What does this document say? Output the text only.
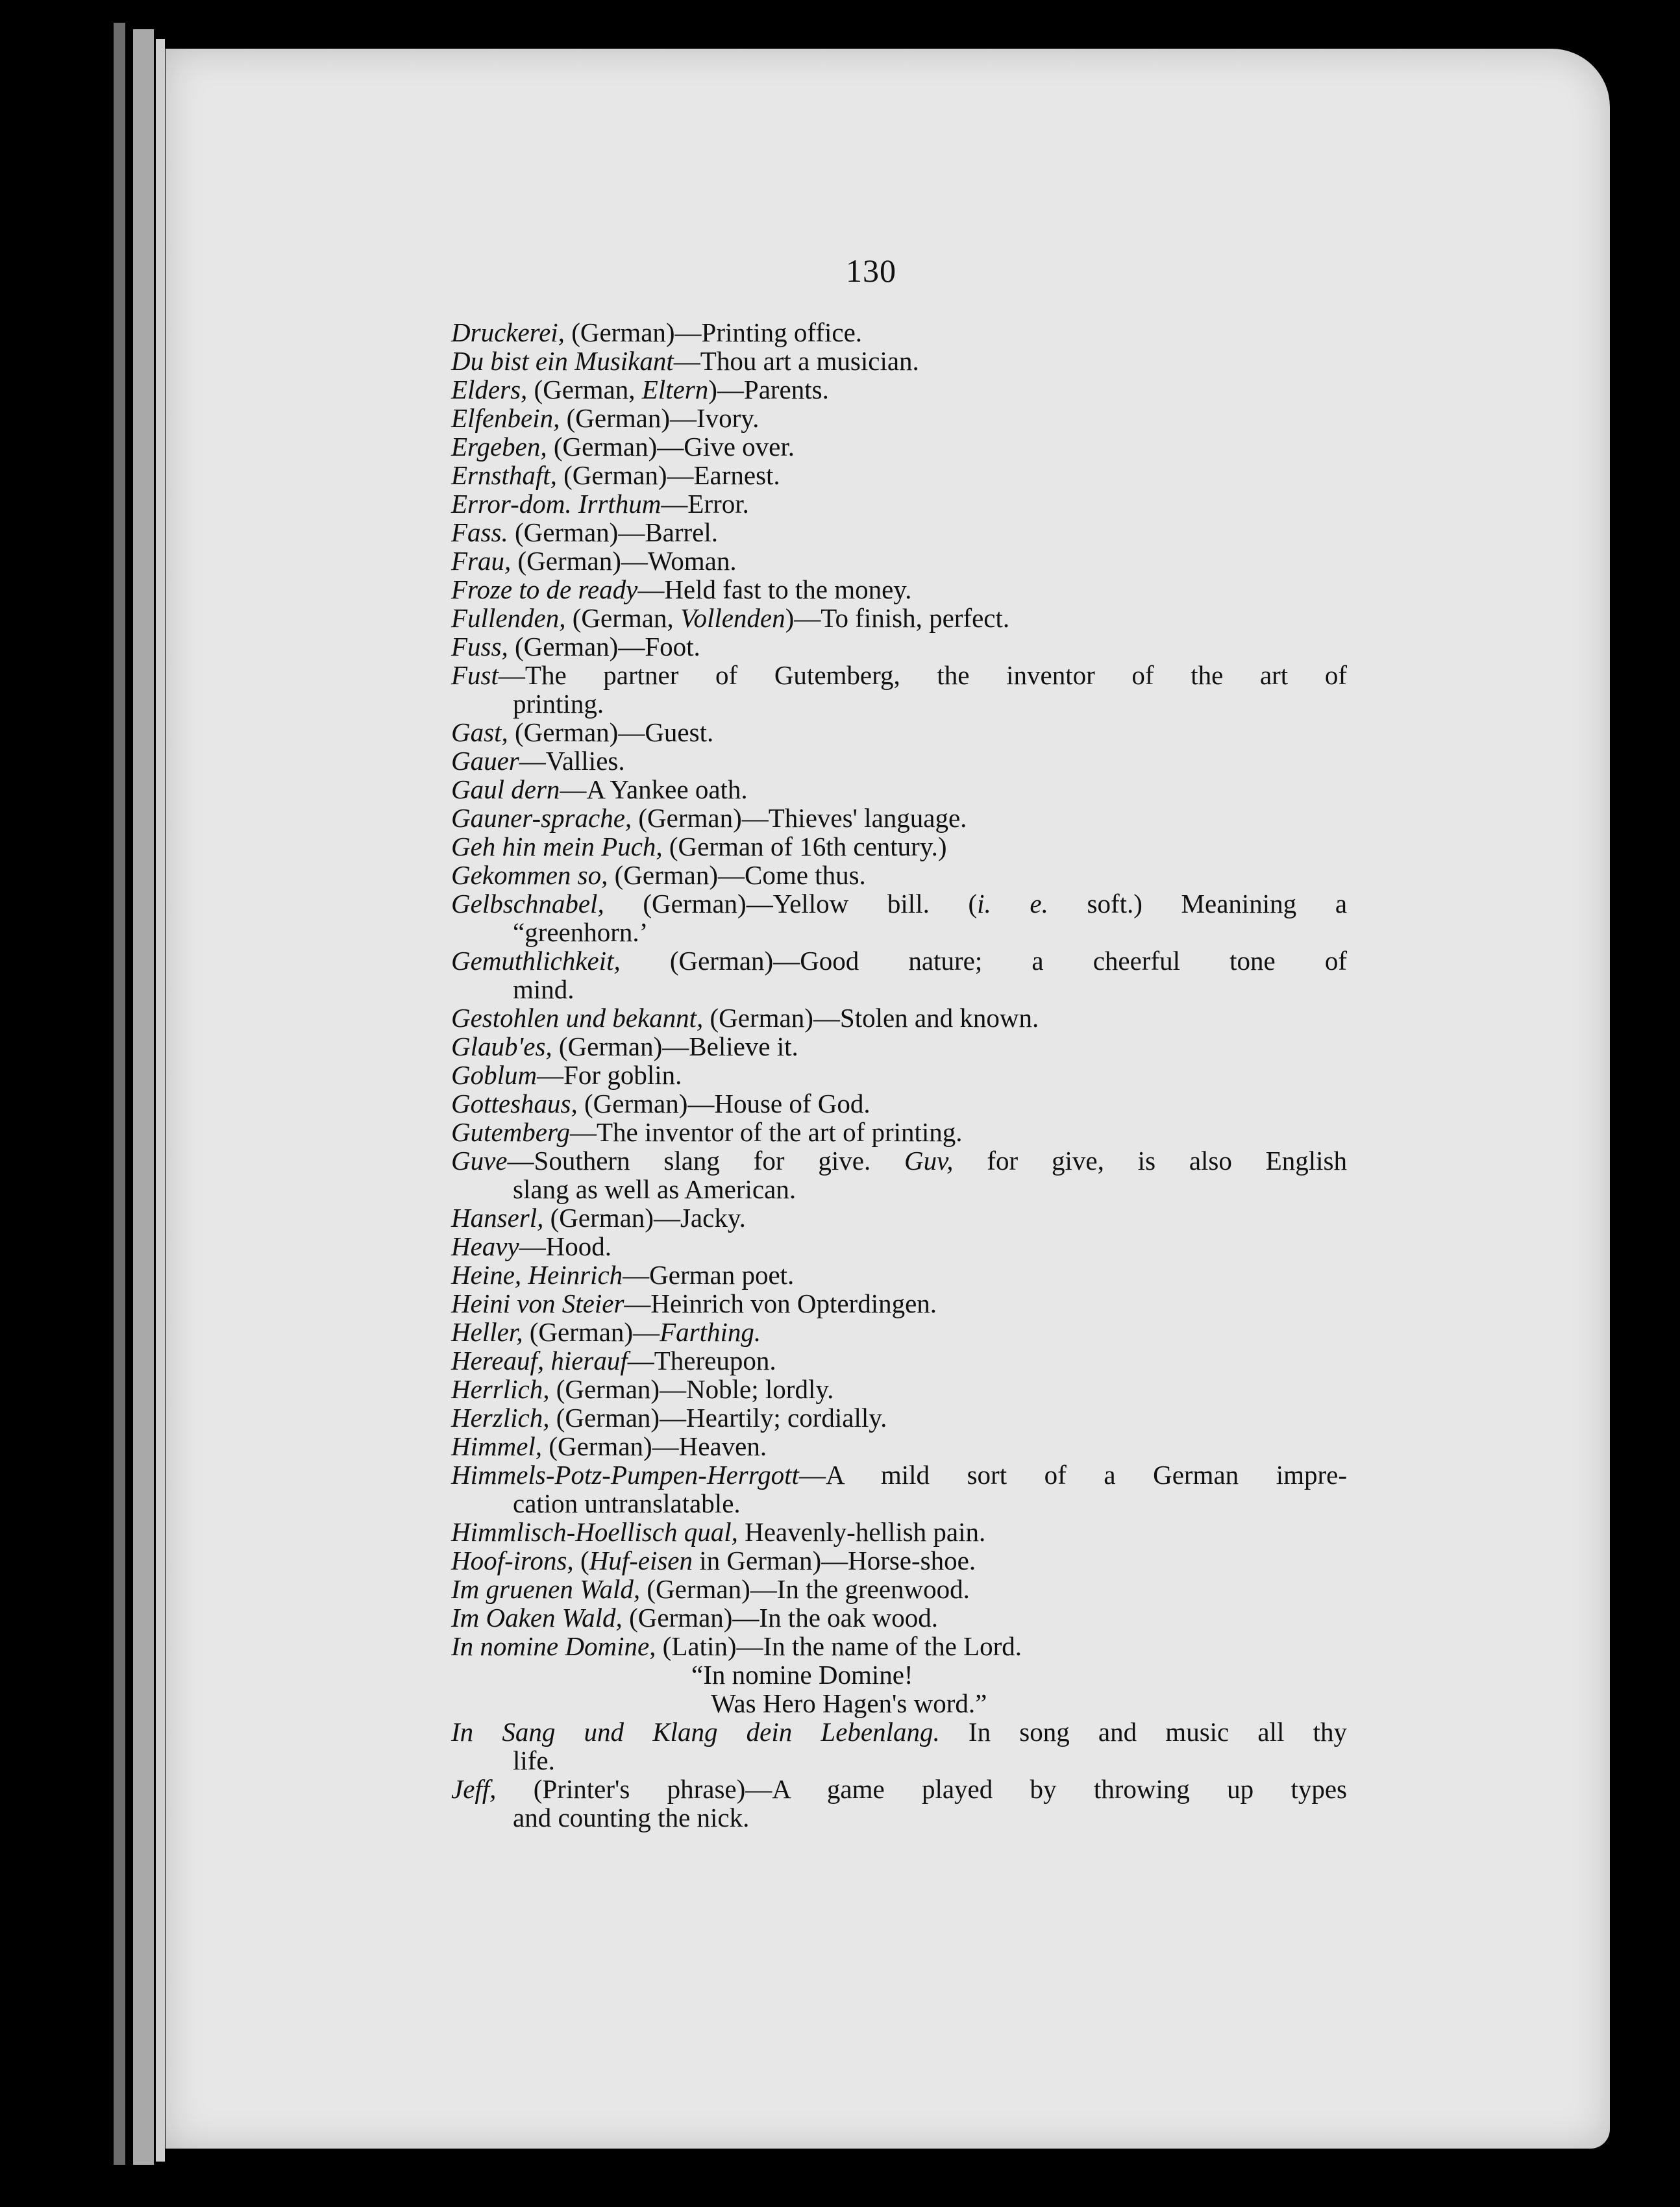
130

Druckerei, (German)—Printing office.

Du bist ein Musikant—Thou art a musician.

Elders, (German, Eltern)—Parents.

Elfenbein, (German)—Ivory.

Ergeben, (German)—Give over.

Ernsthaft, (German)—Earnest.

Error-dom. Irrthum—Error.

Fass. (German)—Barrel.

Frau, (German)—Woman.

Froze to de ready—Held fast to the money.

Fullenden, (German, Vollenden)—To finish, perfect.

Fuss, (German)—Foot.

Fust—The partner of Gutemberg, the inventor of the art of
printing.

Gast, (German)—Guest.

Gauer—Vallies.

Gaul dern—A Yankee oath.

Gauner-sprache, (German)—Thieves' language.

Geh hin mein Puch, (German of 16th century.)

Gekommen so, (German)—Come thus.

Gelbschnabel, (German)—Yellow bill. (i. e. soft.) Meanining a
“greenhorn.’

Gemuthlichkeit, (German)—Good nature; a cheerful tone of
mind.

Gestohlen und bekannt, (German)—Stolen and known.

Glaub'es, (German)—Believe it.

Goblum—For goblin.

Gotteshaus, (German)—House of God.

Gutemberg—The inventor of the art of printing.

Guve—Southern slang for give. Guv, for give, is also English
slang as well as American.

Hanserl, (German)—Jacky.

Heavy—Hood.

Heine, Heinrich—German poet.

Heini von Steier—Heinrich von Opterdingen.

Heller, (German)—Farthing.

Hereauf, hierauf—Thereupon.

Herrlich, (German)—Noble; lordly.

Herzlich, (German)—Heartily; cordially.

Himmel, (German)—Heaven.

Himmels-Potz-Pumpen-Herrgott—A mild sort of a German impre-
cation untranslatable.

Himmlisch-Hoellisch qual, Heavenly-hellish pain.

Hoof-irons, (Huf-eisen in German)—Horse-shoe.

Im gruenen Wald, (German)—In the greenwood.

Im Oaken Wald, (German)—In the oak wood.

In nomine Domine, (Latin)—In the name of the Lord.

“In nomine Domine!
Was Hero Hagen's word.”

In Sang und Klang dein Lebenlang. In song and music all thy
life.

Jeff, (Printer's phrase)—A game played by throwing up types
and counting the nick.
